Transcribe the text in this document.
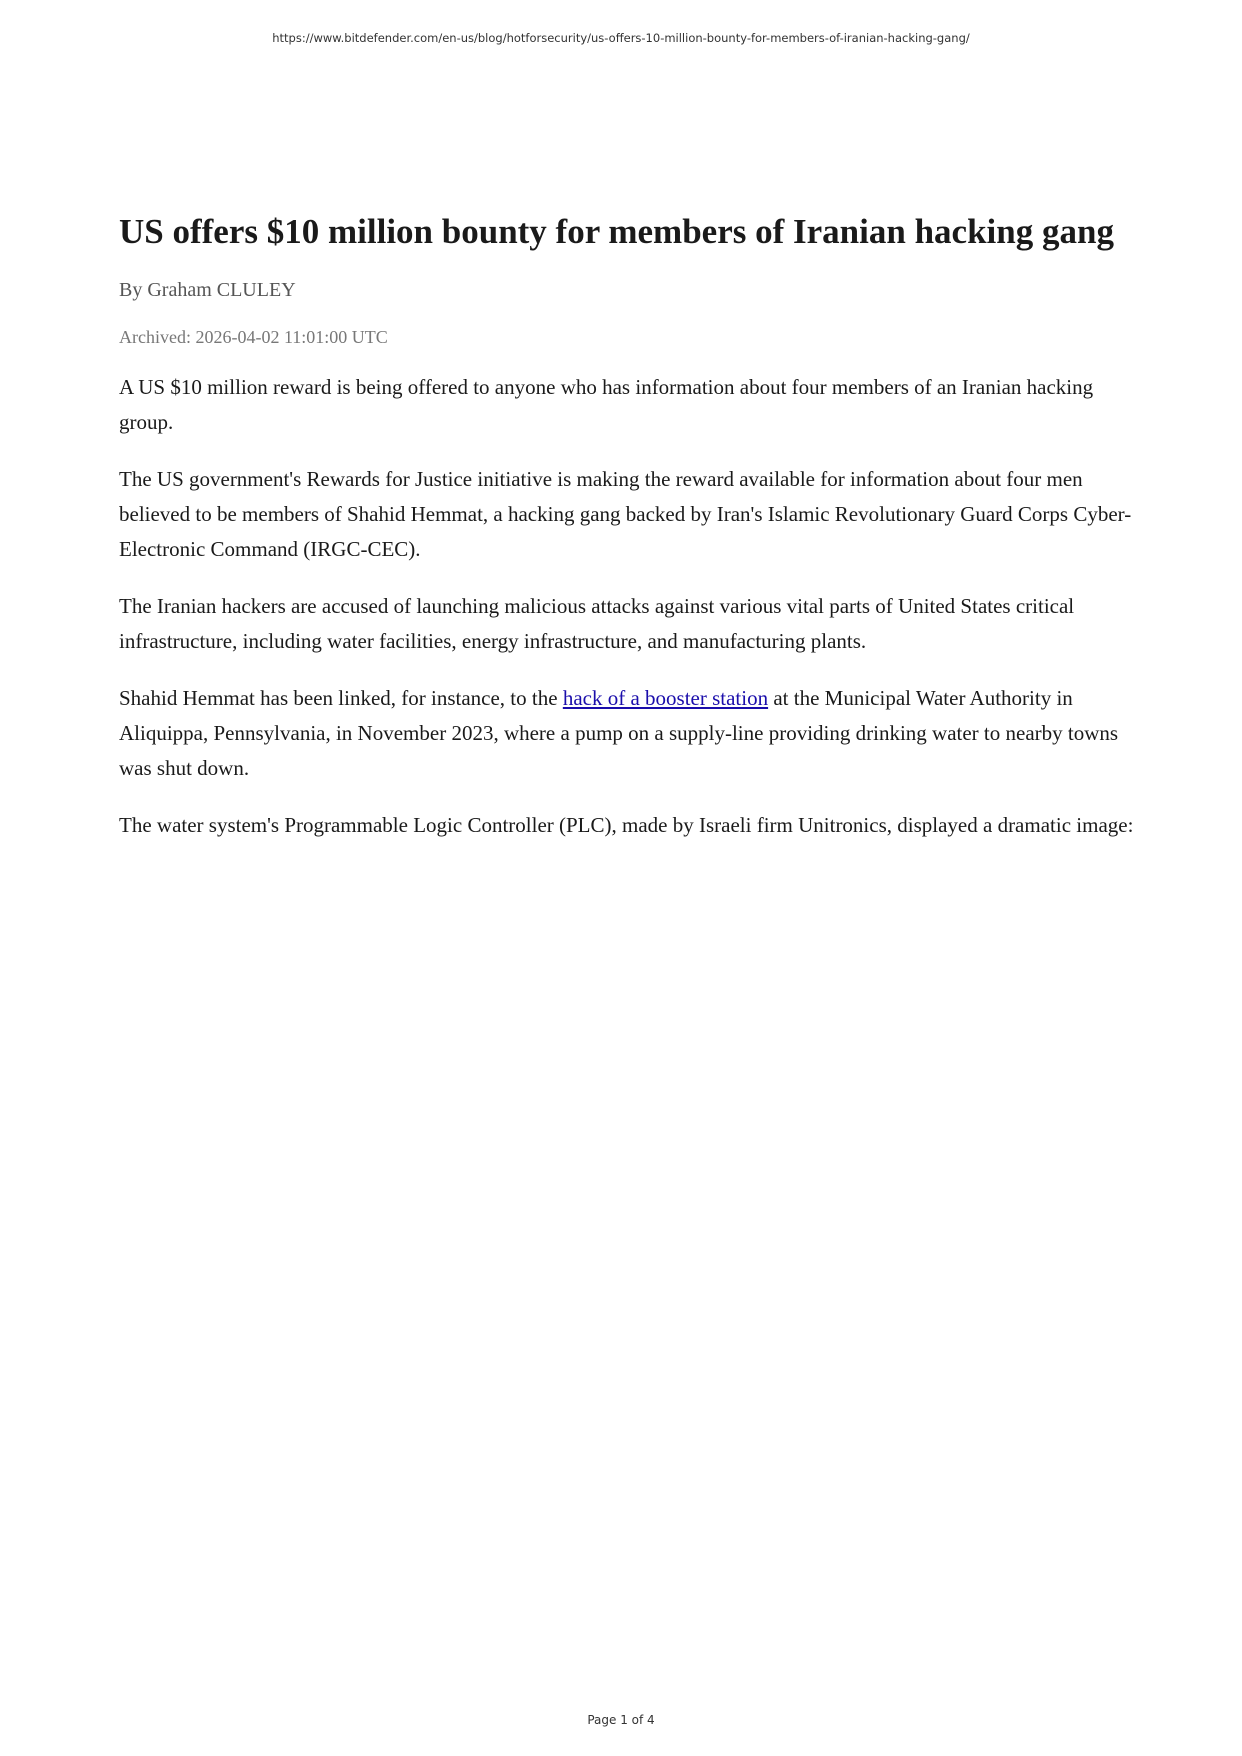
https://www.bitdefender.com/en-us/blog/hotforsecurity/us-offers-10-million-bounty-for-members-of-iranian-hacking-gang/
US offers $10 million bounty for members of Iranian hacking gang

By Graham CLULEY

Archived: 2026-04-02 11:01:00 UTC

A US $10 million reward is being offered to anyone who has information about four members of an Iranian hacking group.

The US government's Rewards for Justice initiative is making the reward available for information about four men believed to be members of Shahid Hemmat, a hacking gang backed by Iran's Islamic Revolutionary Guard Corps Cyber-Electronic Command (IRGC-CEC).

The Iranian hackers are accused of launching malicious attacks against various vital parts of United States critical infrastructure, including water facilities, energy infrastructure, and manufacturing plants.

Shahid Hemmat has been linked, for instance, to the hack of a booster station at the Municipal Water Authority in Aliquippa, Pennsylvania, in November 2023, where a pump on a supply-line providing drinking water to nearby towns was shut down.

The water system's Programmable Logic Controller (PLC), made by Israeli firm Unitronics, displayed a dramatic image:

Page 1 of 4
